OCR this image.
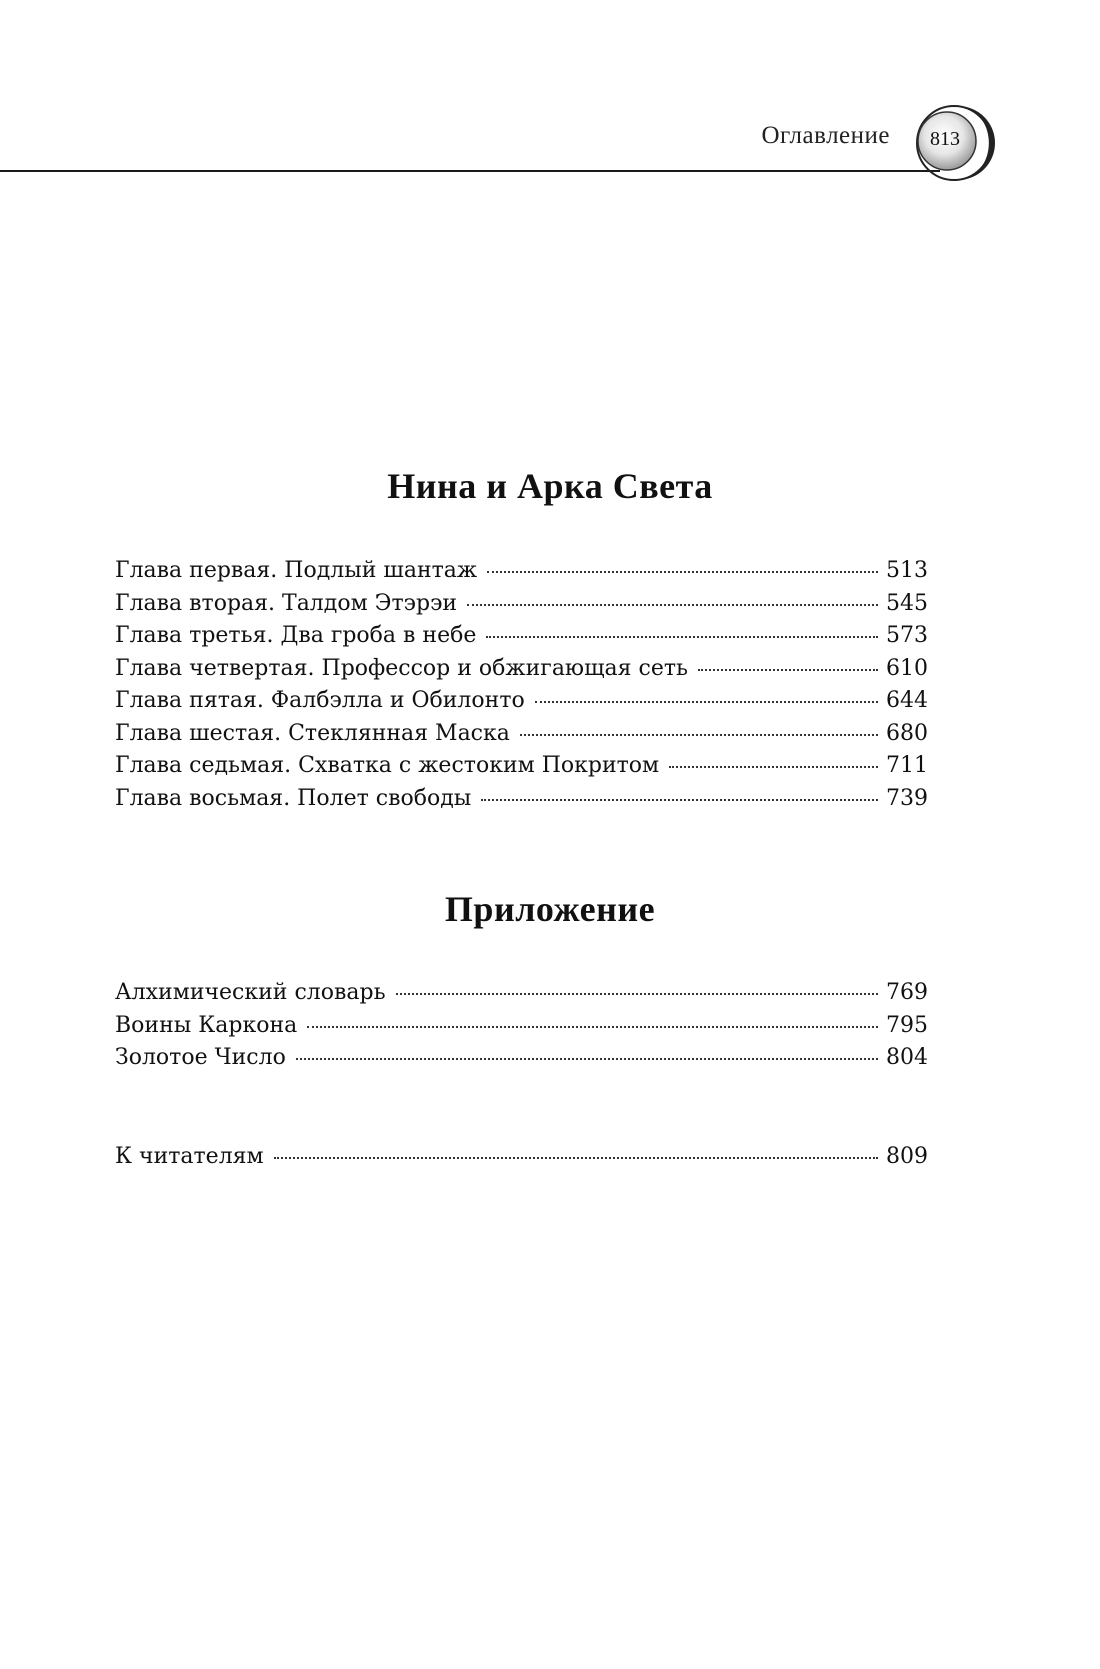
Оглавление	813
Нина и Арка Света
Глава первая. Подлый шантаж	513
Глава вторая. Талдом Этэрэи	545
Глава третья. Два гроба в небе	573
Глава четвертая. Профессор и обжигающая сеть	610
Глава пятая. Фалбэлла и Обилонто	644
Глава шестая. Стеклянная Маска	680
Глава седьмая. Схватка с жестоким Покритом	711
Глава восьмая. Полет свободы	739
Приложение
Алхимический словарь	769
Воины Каркона	795
Золотое Число	804
К читателям	809
